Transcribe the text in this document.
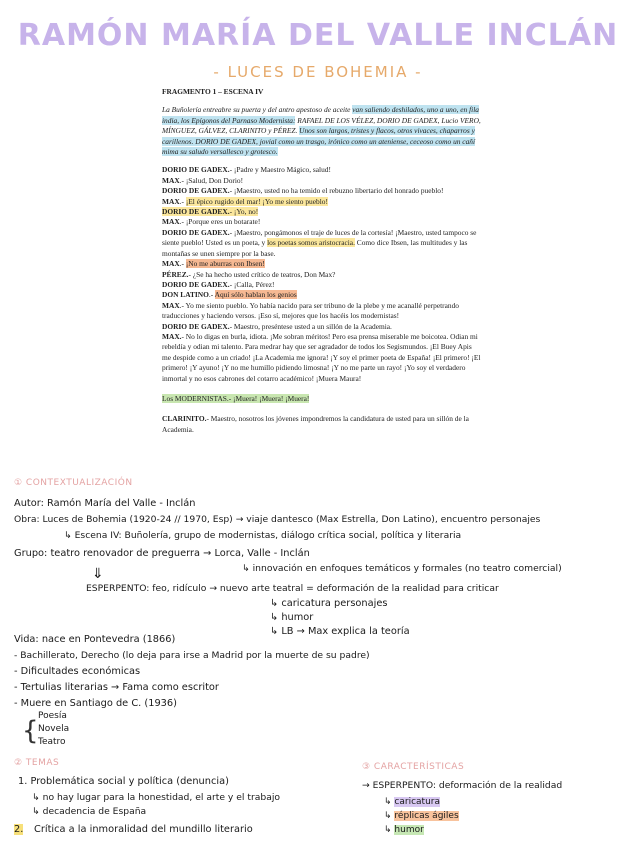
RAMÓN MARÍA DEL VALLE INCLÁN
- LUCES DE BOHEMIA -

FRAGMENTO 1 – ESCENA IV

La Buñolería entreabre su puerta y del antro apestoso de aceite van saliendo deshilados, uno a uno, en fila india, los Epígonos del Parnaso Modernista: RAFAEL DE LOS VÉLEZ, DORIO DE GADEX, Lucio VERO, MÍNGUEZ, GÁLVEZ, CLARINITO y PÉREZ. Unos son largos, tristes y flacos, otros vivaces, chaparros y carillenos. DORIO DE GADEX, jovial como un trasgo, irónico como un ateniense, ceceoso como un cañí mima su saludo versallesco y grotesco.

DORIO DE GADEX.- ¡Padre y Maestro Mágico, salud!

MAX.- ¡Salud, Don Dorio!

DORIO DE GADEX.- ¡Maestro, usted no ha temido el rebuzno libertario del honrado pueblo!

MAX.- ¡El épico rugido del mar! ¡Yo me siento pueblo!

DORIO DE GADEX.- ¡Yo, no!

MAX.- ¡Porque eres un botarate!

DORIO DE GADEX.- ¡Maestro, pongámonos el traje de luces de la cortesía! ¡Maestro, usted tampoco se siente pueblo! Usted es un poeta, y los poetas somos aristocracia. Como dice Ibsen, las multitudes y las montañas se unen siempre por la base.

MAX.- ¡No me aburras con Ibsen!

PÉREZ.- ¿Se ha hecho usted crítico de teatros, Don Max?

DORIO DE GADEX.- ¡Calla, Pérez!

DON LATINO.- Aquí sólo hablan los genios

MAX.- Yo me siento pueblo. Yo había nacido para ser tribuno de la plebe y me acanallé perpetrando traducciones y haciendo versos. ¡Eso sí, mejores que los hacéis los modernistas!

DORIO DE GADEX.- Maestro, preséntese usted a un sillón de la Academia.

MAX.- No lo digas en burla, idiota. ¡Me sobran méritos! Pero esa prensa miserable me boicotea. Odian mi rebeldía y odian mi talento. Para medrar hay que ser agradador de todos los Segismundos. ¡El Buey Apis me despide como a un criado! ¡La Academia me ignora! ¡Y soy el primer poeta de España! ¡El primero! ¡El primero! ¡Y ayuno! ¡Y no me humillo pidiendo limosna! ¡Y no me parte un rayo! ¡Yo soy el verdadero inmortal y no esos cabrones del cotarro académico! ¡Muera Maura!

Los MODERNISTAS.- ¡Muera! ¡Muera! ¡Muera!

CLARINITO.- Maestro, nosotros los jóvenes impondremos la candidatura de usted para un sillón de la Academia.

① CONTEXTUALIZACIÓN
Autor: Ramón María del Valle - Inclán
Obra: Luces de Bohemia (1920-24 // 1970, Esp) → viaje dantesco (Max Estrella, Don Latino), encuentro personajes
↳ Escena IV: Buñolería, grupo de modernistas, diálogo crítica social, política y literaria
Grupo: teatro renovador de preguerra → Lorca, Valle - Inclán
↳ innovación en enfoques temáticos y formales (no teatro comercial)
⇓
ESPERPENTO: feo, ridículo → nuevo arte teatral = deformación de la realidad para criticar
↳ caricatura personajes
↳ humor
↳ LB → Max explica la teoría
Vida: nace en Pontevedra (1866)
- Bachillerato, Derecho (lo deja para irse a Madrid por la muerte de su padre)
- Dificultades económicas
- Tertulias literarias → Fama como escritor
- Muere en Santiago de C. (1936)
{ Poesía
Novela
Teatro
② TEMAS
1. Problemática social y política (denuncia)
↳ no hay lugar para la honestidad, el arte y el trabajo
↳ decadencia de España
2. Crítica a la inmoralidad del mundillo literario
③ CARACTERÍSTICAS
→ ESPERPENTO: deformación de la realidad
↳ caricatura
↳ réplicas ágiles
↳ humor
